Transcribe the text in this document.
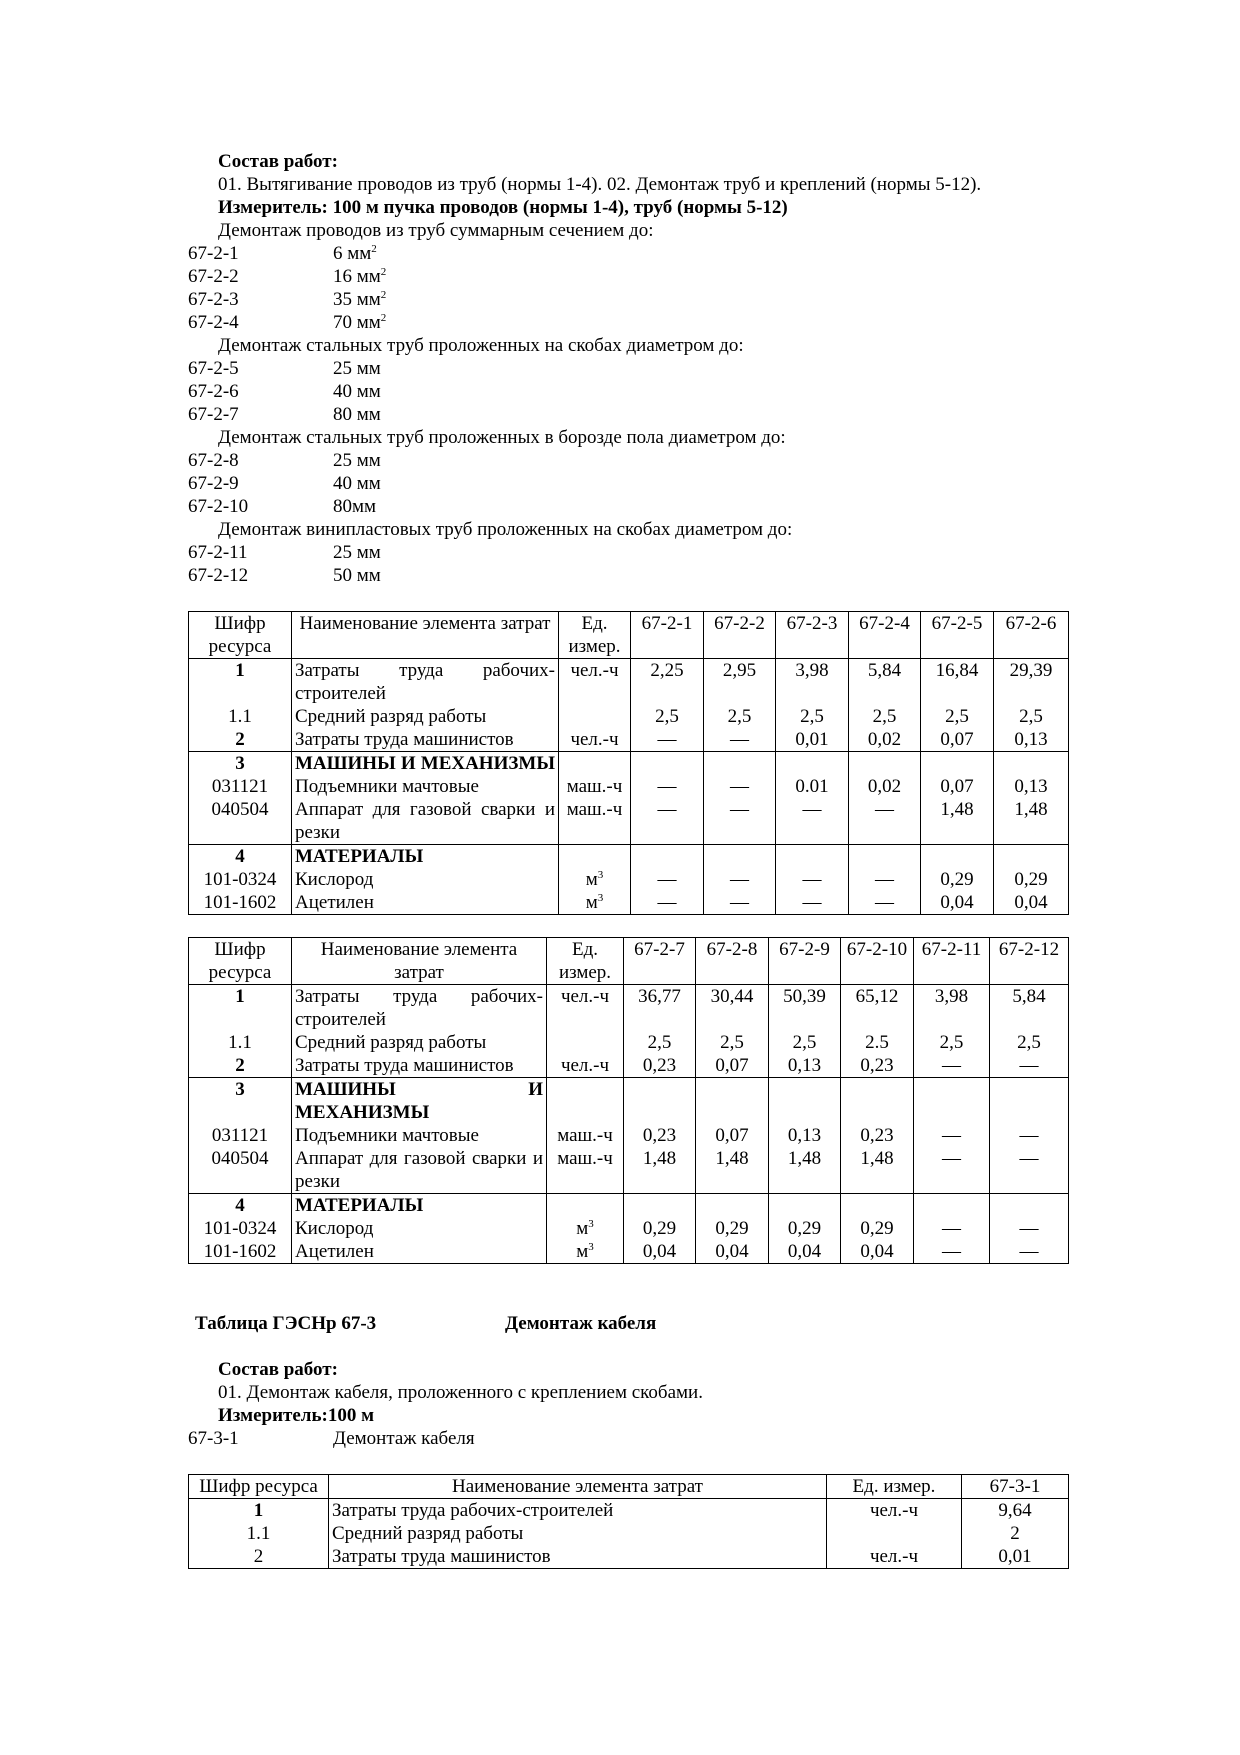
Состав работ:
01. Вытягивание проводов из труб (нормы 1-4). 02. Демонтаж труб и креплений (нормы 5-12).
Измеритель: 100 м пучка проводов (нормы 1-4), труб (нормы 5-12)
Демонтаж проводов из труб суммарным сечением до:
67-2-1	6 $мм^2$
67-2-2	16 $мм^2$
67-2-3	35 $мм^2$
67-2-4	70 $мм^2$
Демонтаж стальных труб проложенных на скобах диаметром до:
67-2-5	25 мм
67-2-6	40 мм
67-2-7	80 мм
Демонтаж стальных труб проложенных в борозде пола диаметром до:
67-2-8	25 мм
67-2-9	40 мм
67-2-10	80мм
Демонтаж винипластовых труб проложенных на скобах диаметром до:
67-2-11	25 мм
67-2-12	50 мм
Шифр ресурса	Наименование элемента затрат	Ед. измер.	67-2-1	67-2-2	67-2-3	67-2-4	67-2-5	67-2-6
1	Затраты труда рабочих-строителей	чел.-ч	2,25	2,95	3,98	5,84	16,84	29,39
1.1	Средний разряд работы		2,5	2,5	2,5	2,5	2,5	2,5
2	Затраты труда машинистов	чел.-ч	—	—	0,01	0,02	0,07	0,13
3	МАШИНЫ И МЕХАНИЗМЫ							
031121	Подъемники мачтовые	маш.-ч	—	—	0.01	0,02	0,07	0,13
040504	Аппарат для газовой сварки и резки	маш.-ч	—	—	—	—	1,48	1,48
4	МАТЕРИАЛЫ							
101-0324	Кислород	$м^3$	—	—	—	—	0,29	0,29
101-1602	Ацетилен	$м^3$	—	—	—	—	0,04	0,04
Шифр ресурса	Наименование элемента затрат	Ед. измер.	67-2-7	67-2-8	67-2-9	67-2-10	67-2-11	67-2-12
1	Затраты труда рабочих-строителей	чел.-ч	36,77	30,44	50,39	65,12	3,98	5,84
1.1	Средний разряд работы		2,5	2,5	2,5	2.5	2,5	2,5
2	Затраты труда машинистов	чел.-ч	0,23	0,07	0,13	0,23	—	—
3	МАШИНЫ И МЕХАНИЗМЫ							
031121	Подъемники мачтовые	маш.-ч	0,23	0,07	0,13	0,23	—	—
040504	Аппарат для газовой сварки и резки	маш.-ч	1,48	1,48	1,48	1,48	—	—
4	МАТЕРИАЛЫ							
101-0324	Кислород	$м^3$	0,29	0,29	0,29	0,29	—	—
101-1602	Ацетилен	$м^3$	0,04	0,04	0,04	0,04	—	—
Таблица ГЭСНр 67-3	Демонтаж кабеля
Состав работ:
01. Демонтаж кабеля, проложенного с креплением скобами.
Измеритель:100 м
67-3-1	Демонтаж кабеля
Шифр ресурса	Наименование элемента затрат	Ед. измер.	67-3-1
1	Затраты труда рабочих-строителей	чел.-ч	9,64
1.1	Средний разряд работы		2
2	Затраты труда машинистов	чел.-ч	0,01
